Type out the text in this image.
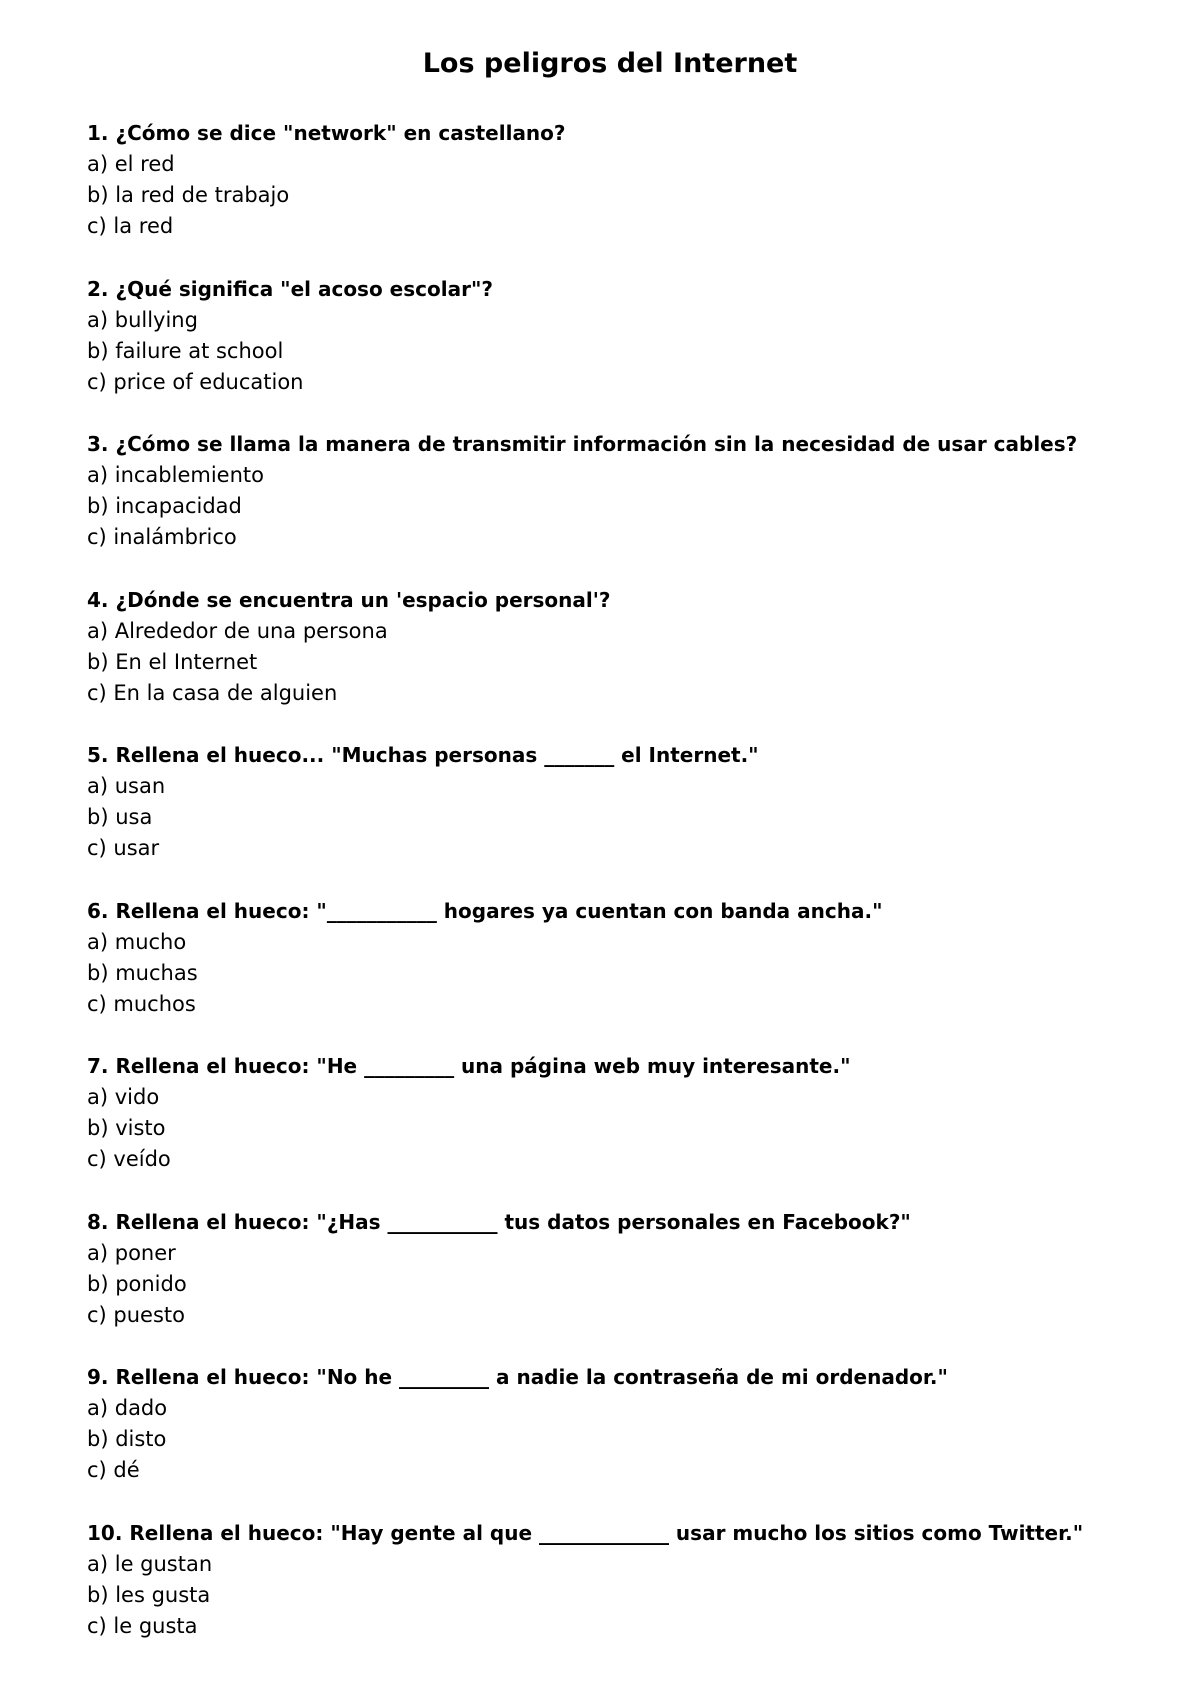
Los peligros del Internet
1. ¿Cómo se dice "network" en castellano?
a) el red
b) la red de trabajo
c) la red
2. ¿Qué significa "el acoso escolar"?
a) bullying
b) failure at school
c) price of education
3. ¿Cómo se llama la manera de transmitir información sin la necesidad de usar cables?
a) incablemiento
b) incapacidad
c) inalámbrico
4. ¿Dónde se encuentra un 'espacio personal'?
a) Alrededor de una persona
b) En el Internet
c) En la casa de alguien
5. Rellena el hueco... "Muchas personas _______ el Internet."
a) usan
b) usa
c) usar
6. Rellena el hueco: "___________ hogares ya cuentan con banda ancha."
a) mucho
b) muchas
c) muchos
7. Rellena el hueco: "He _________ una página web muy interesante."
a) vido
b) visto
c) veído
8. Rellena el hueco: "¿Has ___________ tus datos personales en Facebook?"
a) poner
b) ponido
c) puesto
9. Rellena el hueco: "No he _________ a nadie la contraseña de mi ordenador."
a) dado
b) disto
c) dé
10. Rellena el hueco: "Hay gente al que _____________ usar mucho los sitios como Twitter."
a) le gustan
b) les gusta
c) le gusta
